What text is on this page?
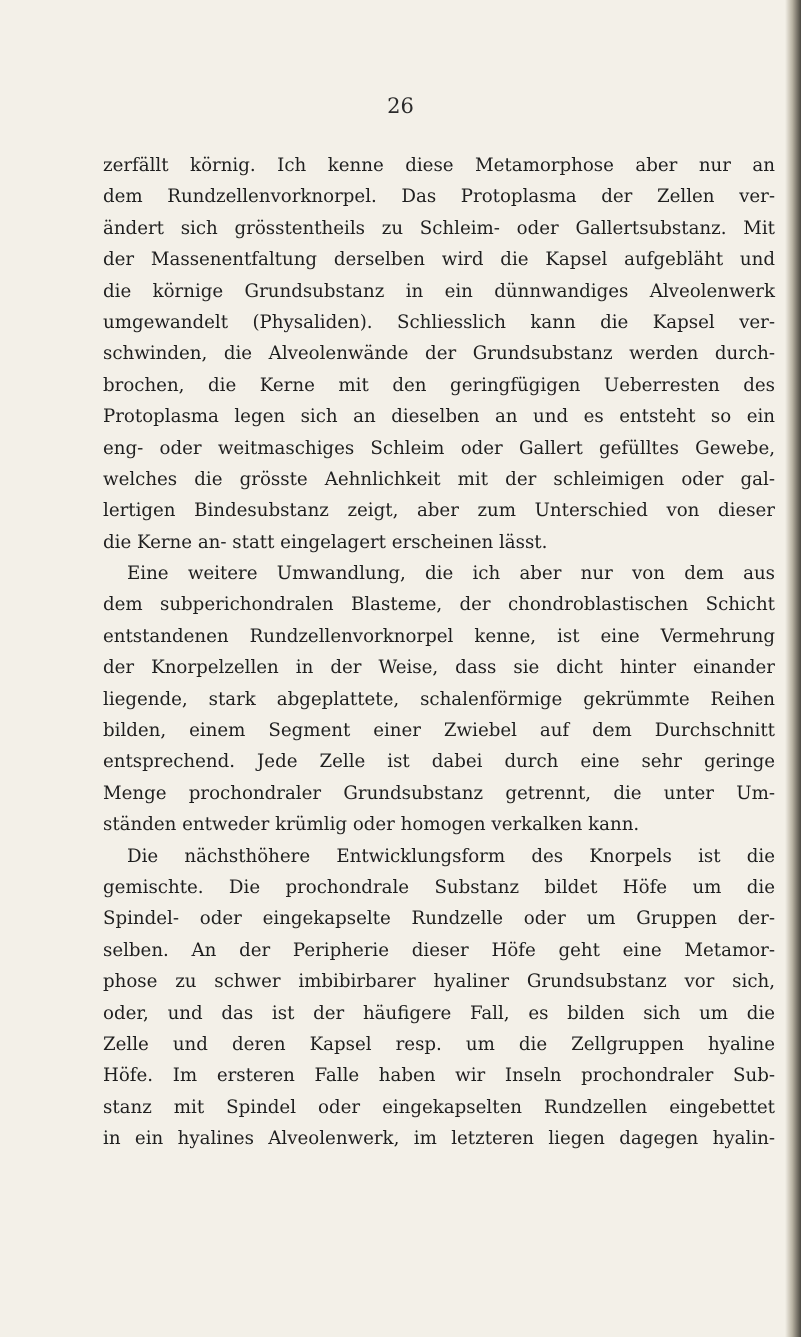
26
zerfällt körnig. Ich kenne diese Metamorphose aber nur an
dem Rundzellenvorknorpel. Das Protoplasma der Zellen ver-
ändert sich grösstentheils zu Schleim- oder Gallertsubstanz. Mit
der Massenentfaltung derselben wird die Kapsel aufgebläht und
die körnige Grundsubstanz in ein dünnwandiges Alveolenwerk
umgewandelt (Physaliden). Schliesslich kann die Kapsel ver-
schwinden, die Alveolenwände der Grundsubstanz werden durch-
brochen, die Kerne mit den geringfügigen Ueberresten des
Protoplasma legen sich an dieselben an und es entsteht so ein
eng- oder weitmaschiges Schleim oder Gallert gefülltes Gewebe,
welches die grösste Aehnlichkeit mit der schleimigen oder gal-
lertigen Bindesubstanz zeigt, aber zum Unterschied von dieser
die Kerne an- statt eingelagert erscheinen lässt.
Eine weitere Umwandlung, die ich aber nur von dem aus
dem subperichondralen Blasteme, der chondroblastischen Schicht
entstandenen Rundzellenvorknorpel kenne, ist eine Vermehrung
der Knorpelzellen in der Weise, dass sie dicht hinter einander
liegende, stark abgeplattete, schalenförmige gekrümmte Reihen
bilden, einem Segment einer Zwiebel auf dem Durchschnitt
entsprechend. Jede Zelle ist dabei durch eine sehr geringe
Menge prochondraler Grundsubstanz getrennt, die unter Um-
ständen entweder krümlig oder homogen verkalken kann.
Die nächsthöhere Entwicklungsform des Knorpels ist die
gemischte. Die prochondrale Substanz bildet Höfe um die
Spindel- oder eingekapselte Rundzelle oder um Gruppen der-
selben. An der Peripherie dieser Höfe geht eine Metamor-
phose zu schwer imbibirbarer hyaliner Grundsubstanz vor sich,
oder, und das ist der häufigere Fall, es bilden sich um die
Zelle und deren Kapsel resp. um die Zellgruppen hyaline
Höfe. Im ersteren Falle haben wir Inseln prochondraler Sub-
stanz mit Spindel oder eingekapselten Rundzellen eingebettet
in ein hyalines Alveolenwerk, im letzteren liegen dagegen hyalin-
